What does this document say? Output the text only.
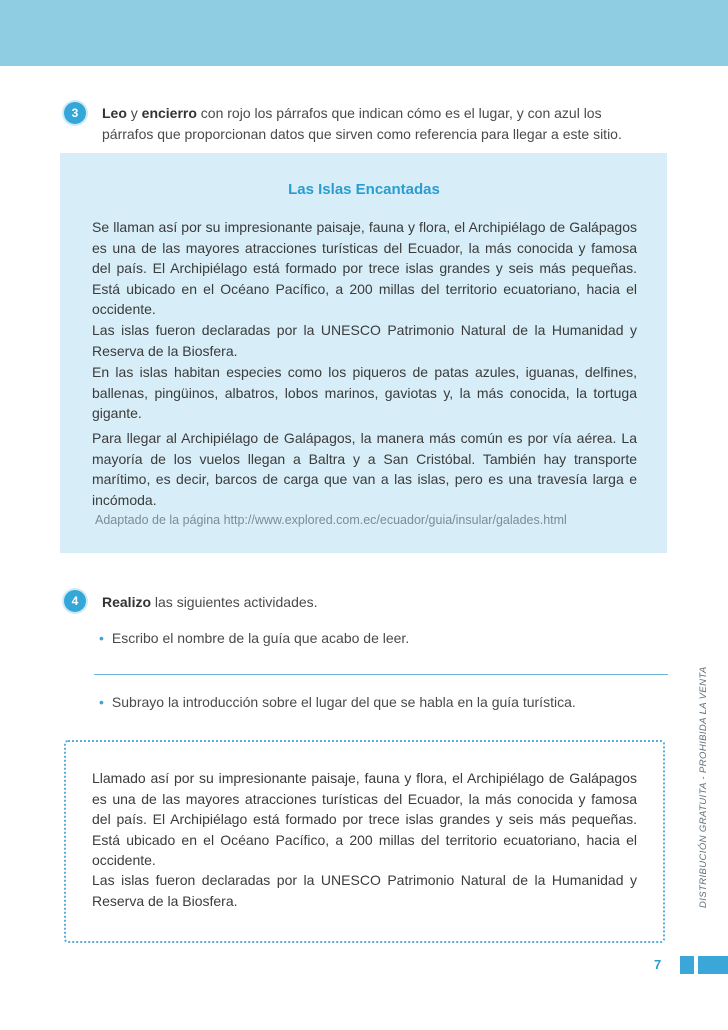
3	Leo y encierro con rojo los párrafos que indican cómo es el lugar, y con azul los
párrafos que proporcionan datos que sirven como referencia para llegar a este sitio.
Las Islas Encantadas
Se llaman así por su impresionante paisaje, fauna y flora, el Archipiélago de Galápagos es una de las mayores atracciones turísticas del Ecuador, la más conocida y famosa del país. El Archipiélago está formado por trece islas grandes y seis más pequeñas. Está ubicado en el Océano Pacífico, a 200 millas del territorio ecuatoriano, hacia el occidente.
Las islas fueron declaradas por la UNESCO Patrimonio Natural de la Humanidad y Reserva de la Biosfera.
En las islas habitan especies como los piqueros de patas azules, iguanas, delfines, ballenas, pingüinos, albatros, lobos marinos, gaviotas y, la más conocida, la tortuga gigante.
Para llegar al Archipiélago de Galápagos, la manera más común es por vía aérea. La mayoría de los vuelos llegan a Baltra y a San Cristóbal. También hay transporte marítimo, es decir, barcos de carga que van a las islas, pero es una travesía larga e incómoda.
Adaptado de la página http://www.explored.com.ec/ecuador/guia/insular/galades.html
4	Realizo las siguientes actividades.
• Escribo el nombre de la guía que acabo de leer.
• Subrayo la introducción sobre el lugar del que se habla en la guía turística.
Llamado así por su impresionante paisaje, fauna y flora, el Archipiélago de Galápagos es una de las mayores atracciones turísticas del Ecuador, la más conocida y famosa del país. El Archipiélago está formado por trece islas grandes y seis más pequeñas. Está ubicado en el Océano Pacífico, a 200 millas del territorio ecuatoriano, hacia el occidente.
Las islas fueron declaradas por la UNESCO Patrimonio Natural de la Humanidad y Reserva de la Biosfera.	DISTRIBUCIÓN GRATUITA - PROHIBIDA LA VENTA
7
